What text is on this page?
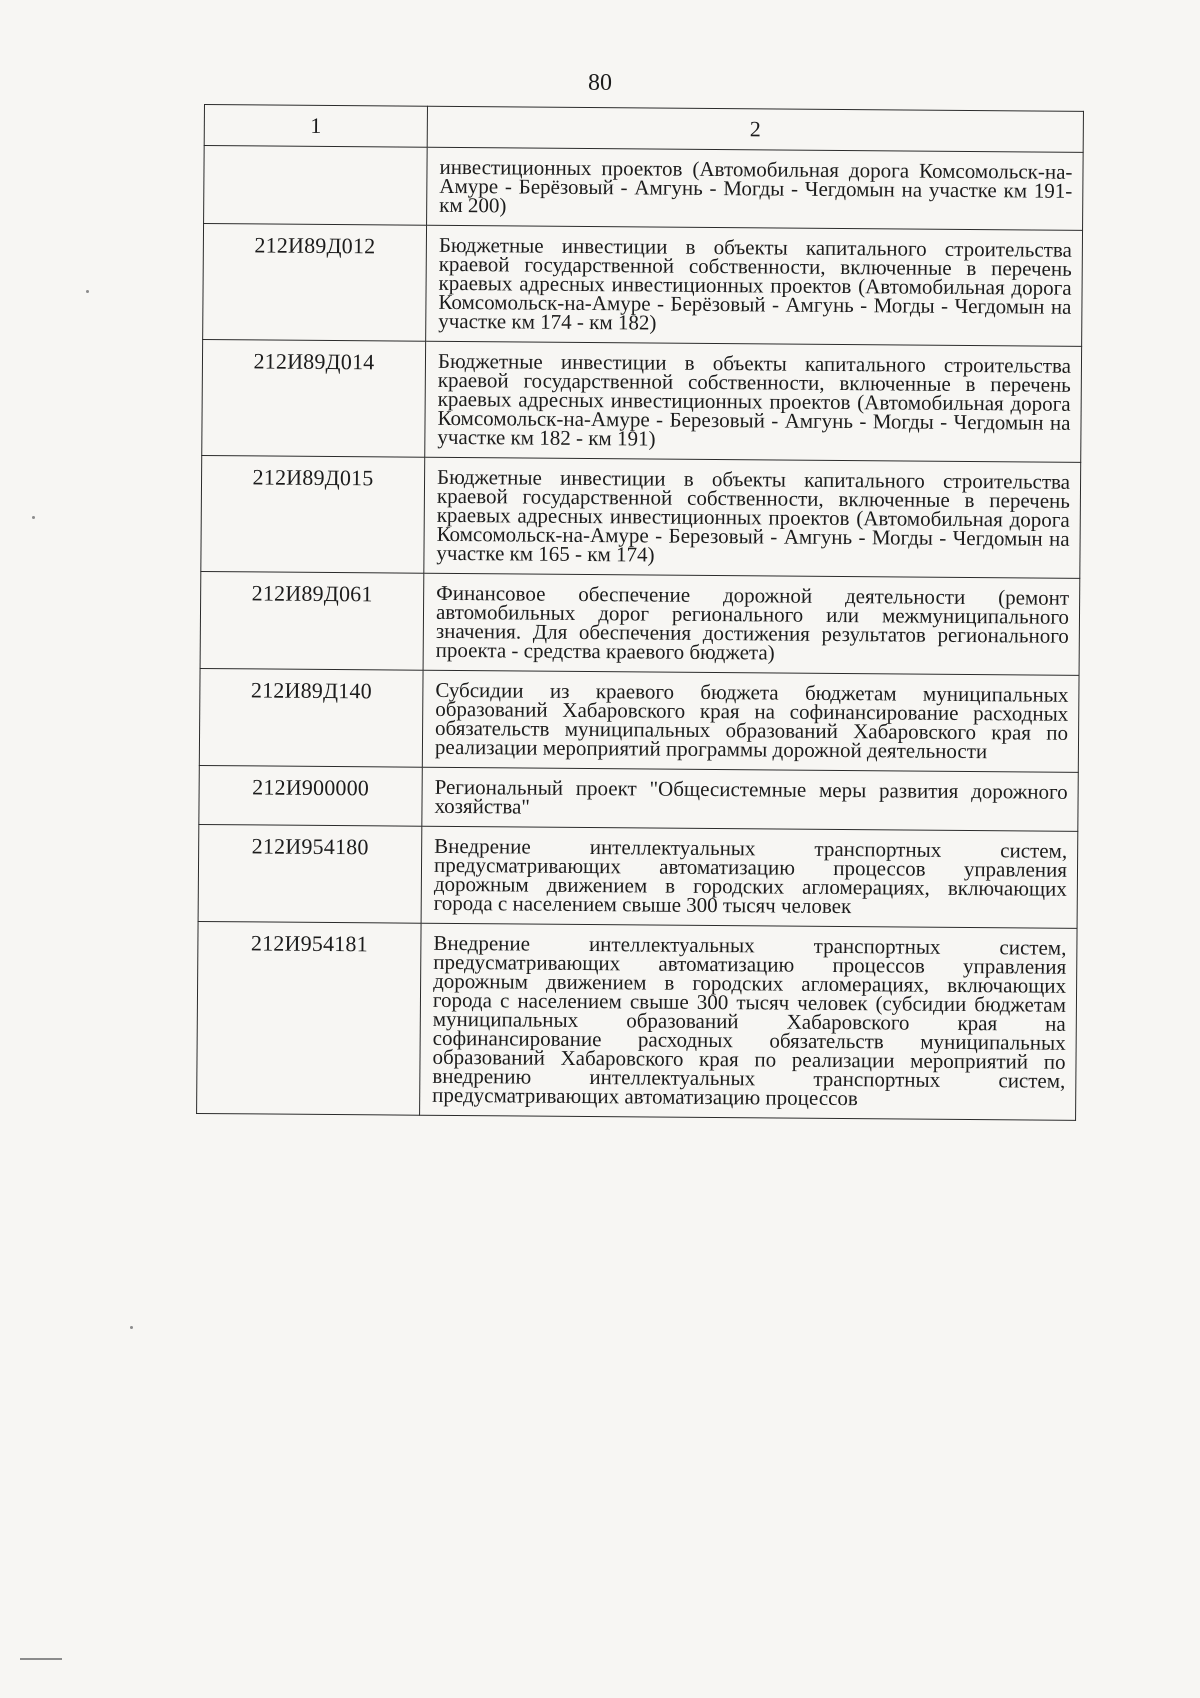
80
1	2
	инвестиционных проектов (Автомобильная дорога Комсомольск-на-Амуре - Берёзовый - Амгунь - Могды - Чегдомын на участке км 191- км 200)
212И89Д012	Бюджетные инвестиции в объекты капитального строительства краевой государственной собственности, включенные в перечень краевых адресных инвестиционных проектов (Автомобильная дорога Комсомольск-на-Амуре - Берёзовый - Амгунь - Могды - Чегдомын на участке км 174 - км 182)
212И89Д014	Бюджетные инвестиции в объекты капитального строительства краевой государственной собственности, включенные в перечень краевых адресных инвестиционных проектов (Автомобильная дорога Комсомольск-на-Амуре - Березовый - Амгунь - Могды - Чегдомын на участке км 182 - км 191)
212И89Д015	Бюджетные инвестиции в объекты капитального строительства краевой государственной собственности, включенные в перечень краевых адресных инвестиционных проектов (Автомобильная дорога Комсомольск-на-Амуре - Березовый - Амгунь - Могды - Чегдомын на участке км 165 - км 174)
212И89Д061	Финансовое обеспечение дорожной деятельности (ремонт автомобильных дорог регионального или межмуниципального значения. Для обеспечения достижения результатов регионального проекта - средства краевого бюджета)
212И89Д140	Субсидии из краевого бюджета бюджетам муниципальных образований Хабаровского края на софинансирование расходных обязательств муниципальных образований Хабаровского края по реализации мероприятий программы дорожной деятельности
212И900000	Региональный проект "Общесистемные меры развития дорожного хозяйства"
212И954180	Внедрение интеллектуальных транспортных систем, предусматривающих автоматизацию процессов управления дорожным движением в городских агломерациях, включающих города с населением свыше 300 тысяч человек
212И954181	Внедрение интеллектуальных транспортных систем, предусматривающих автоматизацию процессов управления дорожным движением в городских агломерациях, включающих города с населением свыше 300 тысяч человек (субсидии бюджетам муниципальных образований Хабаровского края на софинансирование расходных обязательств муниципальных образований Хабаровского края по реализации мероприятий по внедрению интеллектуальных транспортных систем, предусматривающих автоматизацию процессов
